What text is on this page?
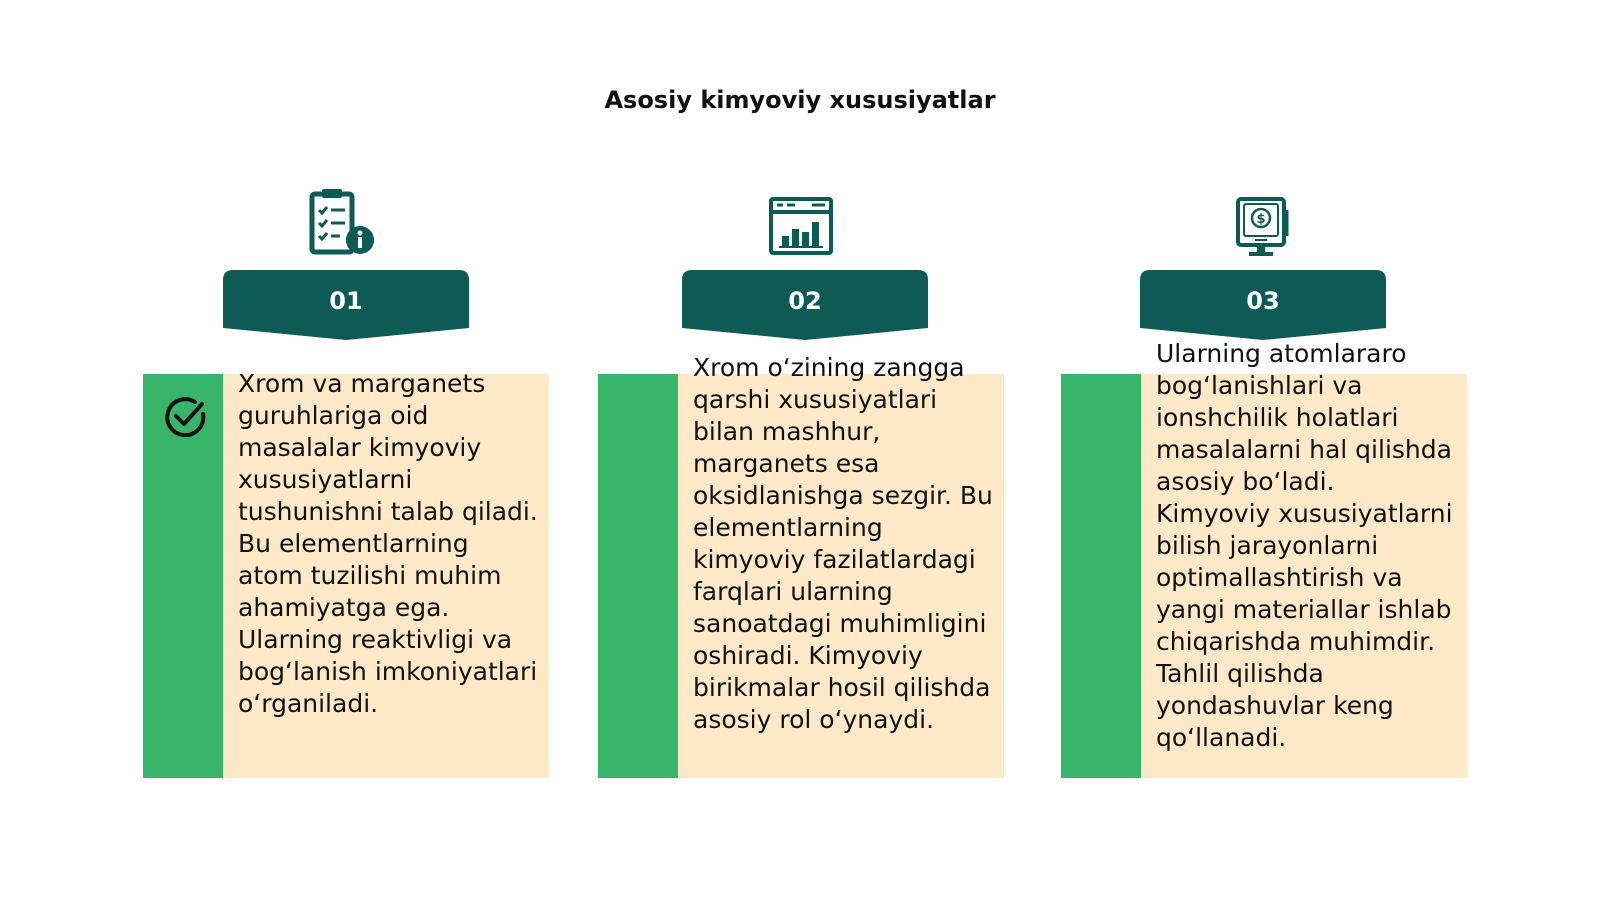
Asosiy kimyoviy xususiyatlar
01
Xrom va marganets guruhlariga oid masalalar kimyoviy xususiyatlarni tushunishni talab qiladi. Bu elementlarning atom tuzilishi muhim ahamiyatga ega. Ularning reaktivligi va bog‘lanish imkoniyatlari o‘rganiladi.
02
Xrom o‘zining zangga qarshi xususiyatlari bilan mashhur, marganets esa oksidlanishga sezgir. Bu elementlarning kimyoviy fazilatlardagi farqlari ularning sanoatdagi muhimligini oshiradi. Kimyoviy birikmalar hosil qilishda asosiy rol o‘ynaydi.
$
03
Ularning atomlararo bog‘lanishlari va ionshchilik holatlari masalalarni hal qilishda asosiy bo‘ladi. Kimyoviy xususiyatlarni bilish jarayonlarni optimallashtirish va yangi materiallar ishlab chiqarishda muhimdir. Tahlil qilishda yondashuvlar keng qo‘llanadi.
